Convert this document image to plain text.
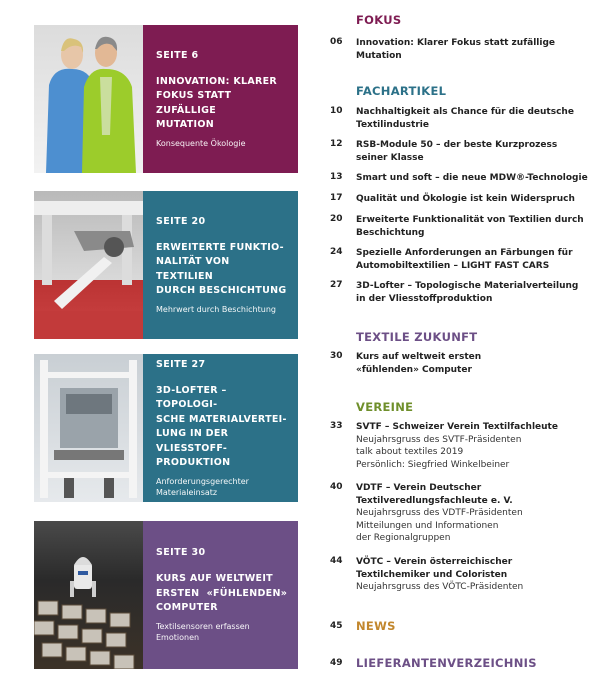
SEITE 6
INNOVATION: KLARER
FOKUS STATT ZUFÄLLIGE
MUTATION
Konsequente Ökologie
SEITE 20
ERWEITERTE FUNKTIO-
NALITÄT VON TEXTILIEN
DURCH BESCHICHTUNG
Mehrwert durch Beschichtung
SEITE 27
3D-LOFTER – TOPOLOGI-
SCHE MATERIALVERTEI-
LUNG IN DER VLIESSTOFF-
PRODUKTION
Anforderungsgerechter
Materialeinsatz
SEITE 30
KURS AUF WELTWEIT
ERSTEN  «FÜHLENDEN»
COMPUTER
Textilsensoren erfassen Emotionen
FOKUS
06	Innovation: Klarer Fokus statt zufällige
Mutation
FACHARTIKEL
10	Nachhaltigkeit als Chance für die deutsche
Textilindustrie
12	RSB-Module 50 – der beste Kurzprozess
seiner Klasse
13	Smart und soft – die neue MDW®-Technologie
17	Qualität und Ökologie ist kein Widerspruch
20	Erweiterte Funktionalität von Textilien durch
Beschichtung
24	Spezielle Anforderungen an Färbungen für
Automobiltextilien – LIGHT FAST CARS
27	3D-Lofter – Topologische Materialverteilung
in der Vliesstoffproduktion
TEXTILE ZUKUNFT
30	Kurs auf weltweit ersten
«fühlenden» Computer
VEREINE
33	SVTF – Schweizer Verein Textilfachleute
Neujahrsgruss des SVTF-Präsidenten
talk about textiles 2019
Persönlich: Siegfried Winkelbeiner
40	VDTF – Verein Deutscher
Textilveredlungsfachleute e. V.
Neujahrsgruss des VDTF-Präsidenten
Mitteilungen und Informationen
der Regionalgruppen
44	VÖTC – Verein österreichischer
Textilchemiker und Coloristen
Neujahrsgruss des VÖTC-Präsidenten
45	NEWS
49	LIEFERANTENVERZEICHNIS
